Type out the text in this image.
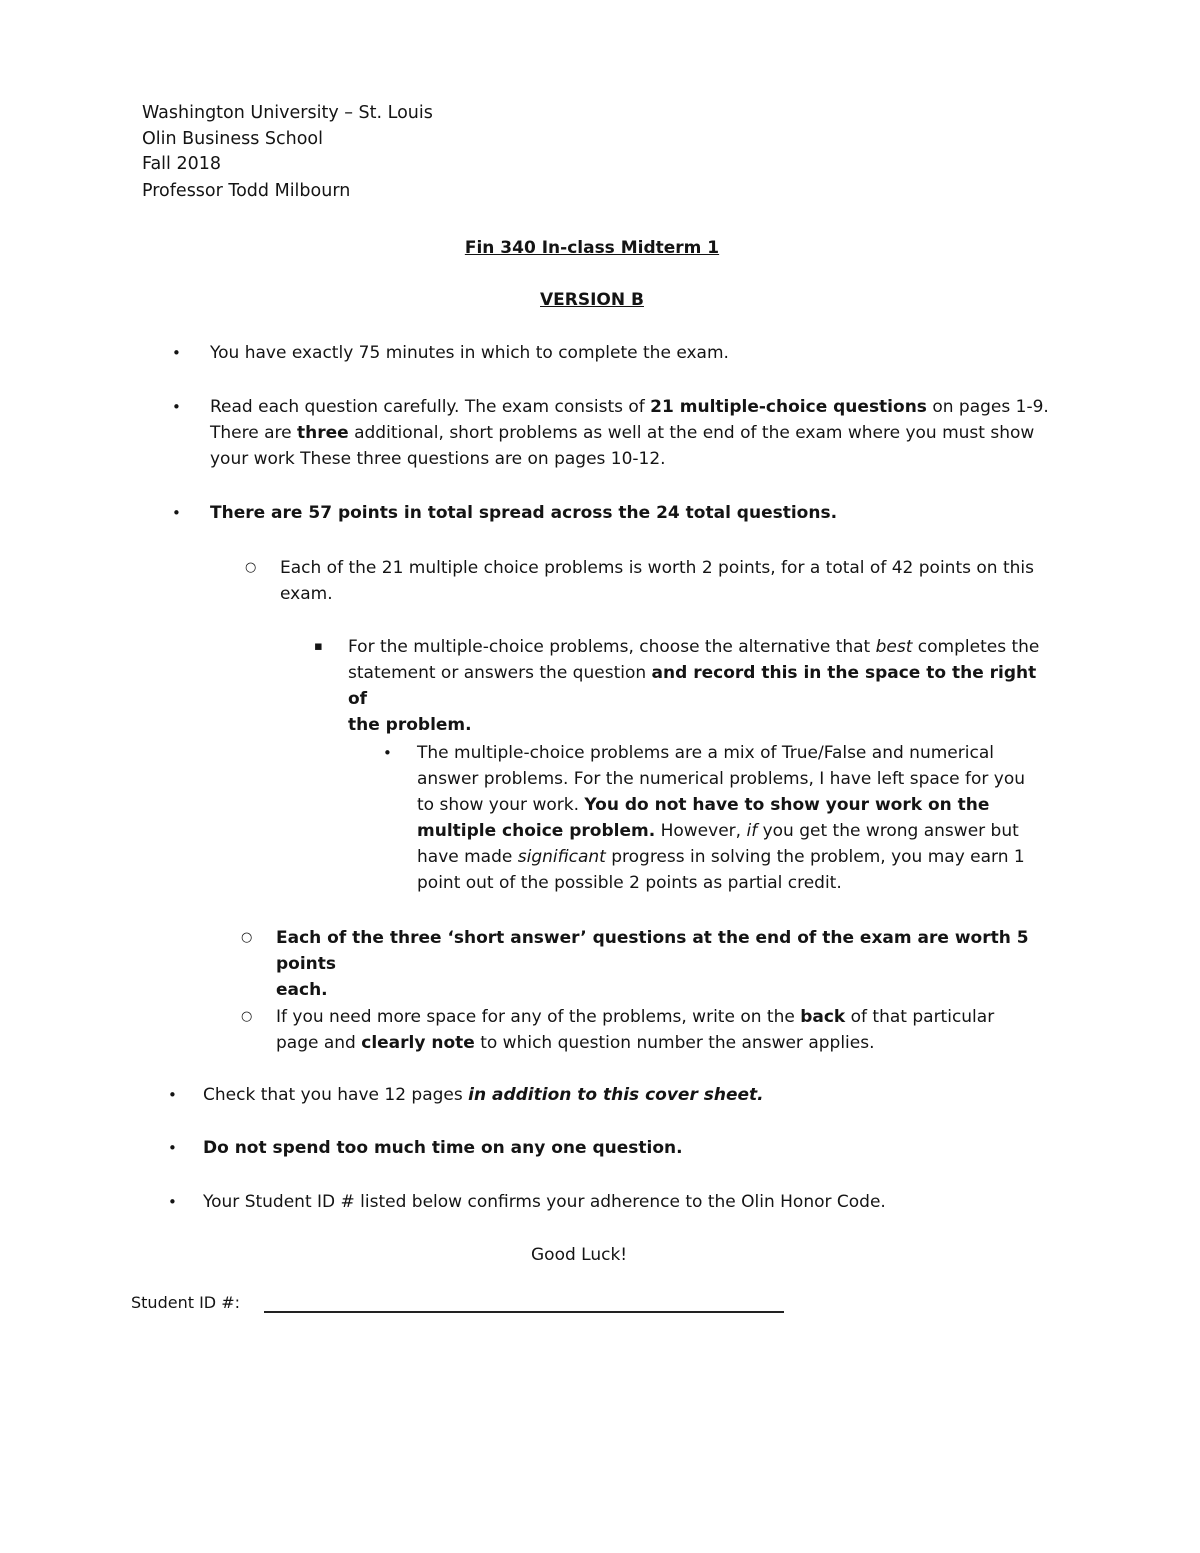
Washington University – St. Louis
Olin Business School
Fall 2018
Professor Todd Milbourn
Fin 340 In-class Midterm 1
VERSION B
• You have exactly 75 minutes in which to complete the exam.
• Read each question carefully. The exam consists of 21 multiple-choice questions on pages 1-9.
There are three additional, short problems as well at the end of the exam where you must show
your work These three questions are on pages 10-12.
• There are 57 points in total spread across the 24 total questions.
○ Each of the 21 multiple choice problems is worth 2 points, for a total of 42 points on this
exam.
▪ For the multiple-choice problems, choose the alternative that best completes the
statement or answers the question and record this in the space to the right of
the problem.
• The multiple-choice problems are a mix of True/False and numerical
answer problems. For the numerical problems, I have left space for you
to show your work. You do not have to show your work on the
multiple choice problem. However, if you get the wrong answer but
have made significant progress in solving the problem, you may earn 1
point out of the possible 2 points as partial credit.
○ Each of the three ‘short answer’ questions at the end of the exam are worth 5 points
each.
○ If you need more space for any of the problems, write on the back of that particular
page and clearly note to which question number the answer applies.
• Check that you have 12 pages in addition to this cover sheet.
• Do not spend too much time on any one question.
• Your Student ID # listed below confirms your adherence to the Olin Honor Code.
Good Luck!
Student ID #:
